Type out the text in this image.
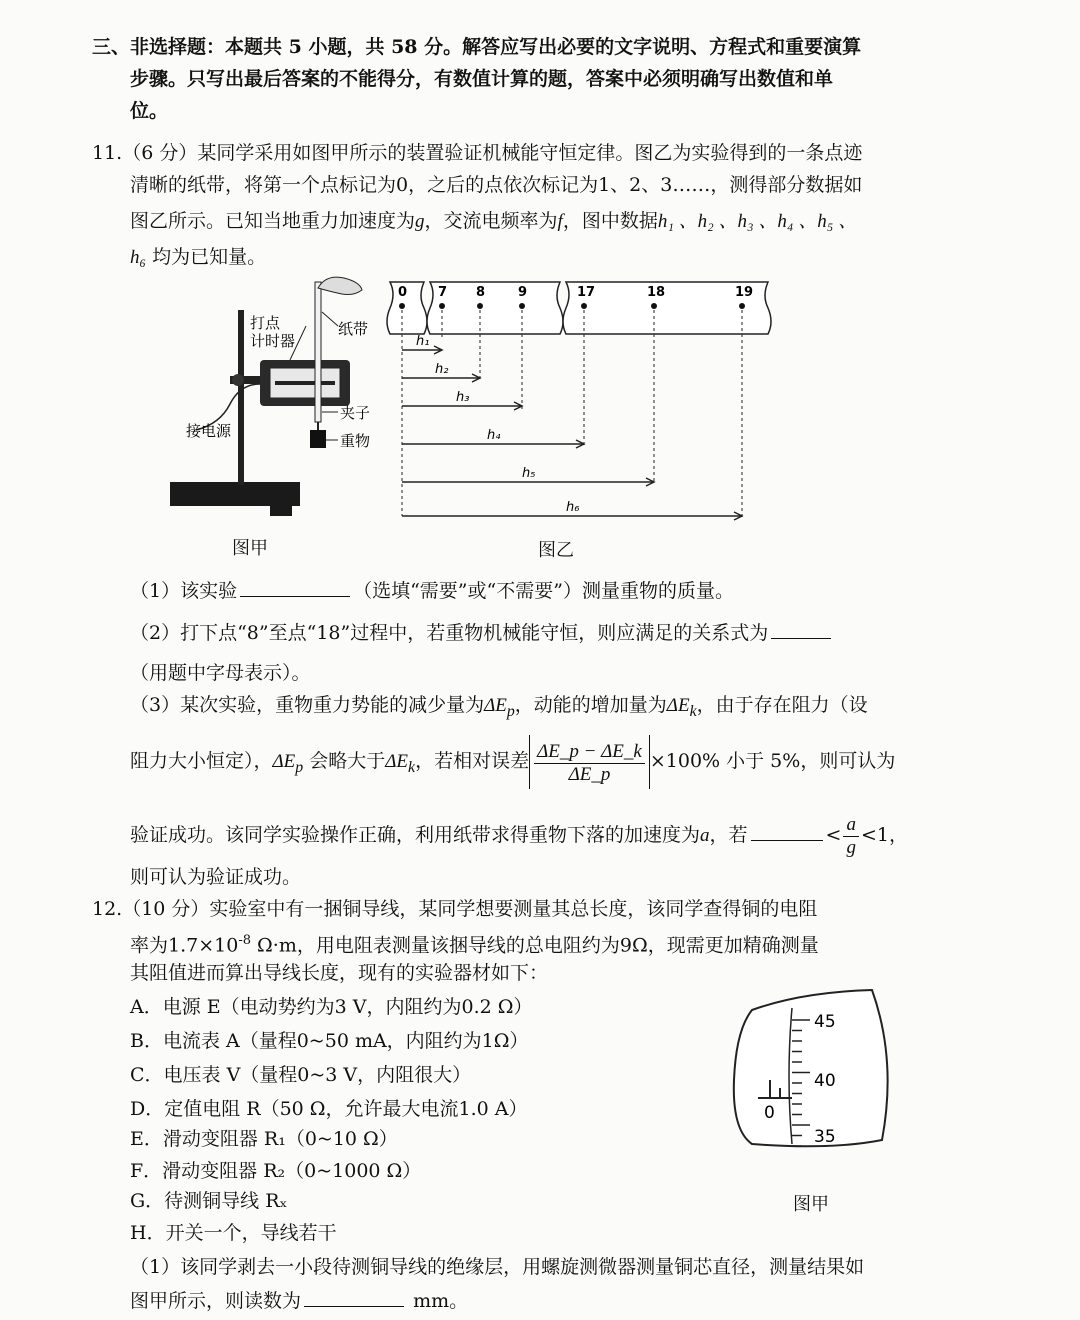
三、非选择题：本题共 5 小题，共 58 分。解答应写出必要的文字说明、方程式和重要演算
步骤。只写出最后答案的不能得分，有数值计算的题，答案中必须明确写出数值和单
位。
11.（6 分）某同学采用如图甲所示的装置验证机械能守恒定律。图乙为实验得到的一条点迹
清晰的纸带，将第一个点标记为0，之后的点依次标记为1、2、3……，测得部分数据如
图乙所示。已知当地重力加速度为g，交流电频率为f，图中数据h₁ 、h₂ 、h₃ 、h₄ 、h₅ 、
h₆ 均为已知量。
打点
计时器
纸带
接电源
夹子
重物
图甲
0 7 8	9	17	18	19
h₁
h₂
h₃
h₄
h₅
h₆
图乙
（1）该实验	（选填“需要”或“不需要”）测量重物的质量。
（2）打下点“8”至点“18”过程中，若重物机械能守恒，则应满足的关系式为
（用题中字母表示）。
（3）某次实验，重物重力势能的减少量为$\Delta E_p$，动能的增加量为$\Delta E_k$，由于存在阻力（设
阻力大小恒定），$\Delta E_p$ 会略大于$\Delta E_k$，若相对误差 $\frac{\Delta E\_p - \Delta E\_k}{\Delta E\_p} \times 100\%$ 小于 5%，则可认为
验证成功。该同学实验操作正确，利用纸带求得重物下落的加速度为a，若	< $\frac{a}{g} <1$，
则可认为验证成功。
12.（10 分）实验室中有一捆铜导线，某同学想要测量其总长度，该同学查得铜的电阻
率为$1.7\times 10^{-8}$ Ω·m，用电阻表测量该捆导线的总电阻约为9Ω，现需更加精确测量
其阻值进而算出导线长度，现有的实验器材如下：
A．电源 E（电动势约为3 V，内阻约为0.2 Ω）
B．电流表 A（量程0~50 mA，内阻约为1Ω）
C．电压表 V（量程0~3 V，内阻很大）
D．定值电阻 R（50 Ω，允许最大电流1.0 A）
E．滑动变阻器 R₁（0~10 Ω）
F．滑动变阻器 R₂（0~1000 Ω）
G．待测铜导线 Rₓ
H．开关一个，导线若干
45
40
35
0
图甲
（1）该同学剥去一小段待测铜导线的绝缘层，用螺旋测微器测量铜芯直径，测量结果如
图甲所示，则读数为	mm。
